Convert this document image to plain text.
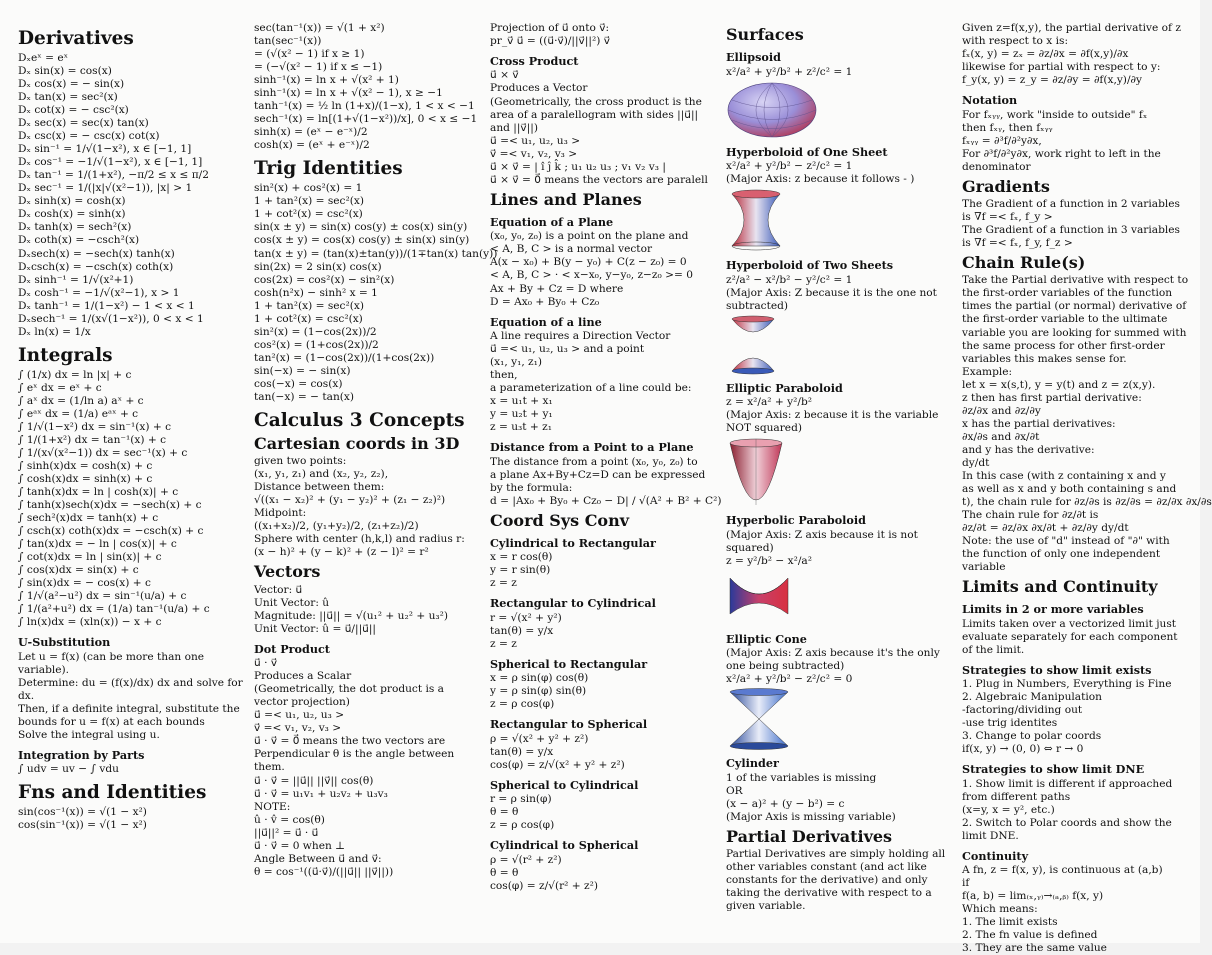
Derivatives
Dₓeˣ = eˣ
Dₓ sin(x) = cos(x)
Dₓ cos(x) = − sin(x)
Dₓ tan(x) = sec²(x)
Dₓ cot(x) = − csc²(x)
Dₓ sec(x) = sec(x) tan(x)
Dₓ csc(x) = − csc(x) cot(x)
Dₓ sin⁻¹ = 1/√(1−x²), x ∈ [−1, 1]
Dₓ cos⁻¹ = −1/√(1−x²), x ∈ [−1, 1]
Dₓ tan⁻¹ = 1/(1+x²), −π/2 ≤ x ≤ π/2
Dₓ sec⁻¹ = 1/(|x|√(x²−1)), |x| > 1
Dₓ sinh(x) = cosh(x)
Dₓ cosh(x) = sinh(x)
Dₓ tanh(x) = sech²(x)
Dₓ coth(x) = −csch²(x)
Dₓsech(x) = −sech(x) tanh(x)
Dₓcsch(x) = −csch(x) coth(x)
Dₓ sinh⁻¹ = 1/√(x²+1)
Dₓ cosh⁻¹ = −1/√(x²−1), x > 1
Dₓ tanh⁻¹ = 1/(1−x²) − 1 < x < 1
Dₓsech⁻¹ = 1/(x√(1−x²)), 0 < x < 1
Dₓ ln(x) = 1/x
Integrals
∫ (1/x) dx = ln |x| + c
∫ eˣ dx = eˣ + c
∫ aˣ dx = (1/ln a) aˣ + c
∫ eᵃˣ dx = (1/a) eᵃˣ + c
∫ 1/√(1−x²) dx = sin⁻¹(x) + c
∫ 1/(1+x²) dx = tan⁻¹(x) + c
∫ 1/(x√(x²−1)) dx = sec⁻¹(x) + c
∫ sinh(x)dx = cosh(x) + c
∫ cosh(x)dx = sinh(x) + c
∫ tanh(x)dx = ln | cosh(x)| + c
∫ tanh(x)sech(x)dx = −sech(x) + c
∫ sech²(x)dx = tanh(x) + c
∫ csch(x) coth(x)dx = −csch(x) + c
∫ tan(x)dx = − ln | cos(x)| + c
∫ cot(x)dx = ln | sin(x)| + c
∫ cos(x)dx = sin(x) + c
∫ sin(x)dx = − cos(x) + c
∫ 1/√(a²−u²) dx = sin⁻¹(u/a) + c
∫ 1/(a²+u²) dx = (1/a) tan⁻¹(u/a) + c
∫ ln(x)dx = (xln(x)) − x + c
U-Substitution
Let u = f(x) (can be more than one variable).
Determine: du = (f(x)/dx) dx and solve for dx.
Then, if a definite integral, substitute the bounds for u = f(x) at each bounds
Solve the integral using u.
Integration by Parts
∫ udv = uv − ∫ vdu
Fns and Identities
sin(cos⁻¹(x)) = √(1 − x²)
cos(sin⁻¹(x)) = √(1 − x²)
sec(tan⁻¹(x)) = √(1 + x²)
tan(sec⁻¹(x))
= (√(x² − 1) if x ≥ 1)
= (−√(x² − 1) if x ≤ −1)
sinh⁻¹(x) = ln x + √(x² + 1)
sinh⁻¹(x) = ln x + √(x² − 1), x ≥ −1
tanh⁻¹(x) = ½ ln (1+x)/(1−x), 1 < x < −1
sech⁻¹(x) = ln[(1+√(1−x²))/x], 0 < x ≤ −1
sinh(x) = (eˣ − e⁻ˣ)/2
cosh(x) = (eˣ + e⁻ˣ)/2
Trig Identities
sin²(x) + cos²(x) = 1
1 + tan²(x) = sec²(x)
1 + cot²(x) = csc²(x)
sin(x ± y) = sin(x) cos(y) ± cos(x) sin(y)
cos(x ± y) = cos(x) cos(y) ± sin(x) sin(y)
tan(x ± y) = (tan(x)±tan(y))/(1∓tan(x) tan(y))
sin(2x) = 2 sin(x) cos(x)
cos(2x) = cos²(x) − sin²(x)
cosh(n²x) − sinh² x = 1
1 + tan²(x) = sec²(x)
1 + cot²(x) = csc²(x)
sin²(x) = (1−cos(2x))/2
cos²(x) = (1+cos(2x))/2
tan²(x) = (1−cos(2x))/(1+cos(2x))
sin(−x) = − sin(x)
cos(−x) = cos(x)
tan(−x) = − tan(x)
Calculus 3 Concepts
Cartesian coords in 3D
given two points:
(x₁, y₁, z₁) and (x₂, y₂, z₂),
Distance between them:
√((x₁ − x₂)² + (y₁ − y₂)² + (z₁ − z₂)²)
Midpoint:
((x₁+x₂)/2, (y₁+y₂)/2, (z₁+z₂)/2)
Sphere with center (h,k,l) and radius r:
(x − h)² + (y − k)² + (z − l)² = r²
Vectors
Vector: u⃗
Unit Vector: û
Magnitude: ||u⃗|| = √(u₁² + u₂² + u₃²)
Unit Vector: û = u⃗/||u⃗||
Dot Product
u⃗ · v⃗
Produces a Scalar
(Geometrically, the dot product is a
vector projection)
u⃗ =< u₁, u₂, u₃ >
v⃗ =< v₁, v₂, v₃ >
u⃗ · v⃗ = 0⃗ means the two vectors are
Perpendicular θ is the angle between
them.
u⃗ · v⃗ = ||u⃗|| ||v⃗|| cos(θ)
u⃗ · v⃗ = u₁v₁ + u₂v₂ + u₃v₃
NOTE:
û · v̂ = cos(θ)
||u⃗||² = u⃗ · u⃗
u⃗ · v⃗ = 0 when ⊥
Angle Between u⃗ and v⃗:
θ = cos⁻¹((u⃗·v⃗)/(||u⃗|| ||v⃗||))
Projection of u⃗ onto v⃗:
pr_v⃗ u⃗ = ((u⃗·v⃗)/||v⃗||²) v⃗
Cross Product
u⃗ × v⃗
Produces a Vector
(Geometrically, the cross product is the
area of a paralellogram with sides ||u⃗||
and ||v⃗||)
u⃗ =< u₁, u₂, u₃ >
v⃗ =< v₁, v₂, v₃ >
u⃗ × v⃗ = | î ĵ k̂ ; u₁ u₂ u₃ ; v₁ v₂ v₃ |
u⃗ × v⃗ = 0⃗ means the vectors are paralell
Lines and Planes
Equation of a Plane
(x₀, y₀, z₀) is a point on the plane and
< A, B, C > is a normal vector
A(x − x₀) + B(y − y₀) + C(z − z₀) = 0
< A, B, C > · < x−x₀, y−y₀, z−z₀ >= 0
Ax + By + Cz = D where
D = Ax₀ + By₀ + Cz₀
Equation of a line
A line requires a Direction Vector
u⃗ =< u₁, u₂, u₃ > and a point
(x₁, y₁, z₁)
then,
a parameterization of a line could be:
x = u₁t + x₁
y = u₂t + y₁
z = u₃t + z₁
Distance from a Point to a Plane
The distance from a point (x₀, y₀, z₀) to
a plane Ax+By+Cz=D can be expressed
by the formula:
d = |Ax₀ + By₀ + Cz₀ − D| / √(A² + B² + C²)
Coord Sys Conv
Cylindrical to Rectangular
x = r cos(θ)
y = r sin(θ)
z = z
Rectangular to Cylindrical
r = √(x² + y²)
tan(θ) = y/x
z = z
Spherical to Rectangular
x = ρ sin(φ) cos(θ)
y = ρ sin(φ) sin(θ)
z = ρ cos(φ)
Rectangular to Spherical
ρ = √(x² + y² + z²)
tan(θ) = y/x
cos(φ) = z/√(x² + y² + z²)
Spherical to Cylindrical
r = ρ sin(φ)
θ = θ
z = ρ cos(φ)
Cylindrical to Spherical
ρ = √(r² + z²)
θ = θ
cos(φ) = z/√(r² + z²)
Surfaces
Ellipsoid
x²/a² + y²/b² + z²/c² = 1
Hyperboloid of One Sheet
x²/a² + y²/b² − z²/c² = 1
(Major Axis: z because it follows - )
Hyperboloid of Two Sheets
z²/a² − x²/b² − y²/c² = 1
(Major Axis: Z because it is the one not
subtracted)
Elliptic Paraboloid
z = x²/a² + y²/b²
(Major Axis: z because it is the variable
NOT squared)
Hyperbolic Paraboloid
(Major Axis: Z axis because it is not
squared)
z = y²/b² − x²/a²
Elliptic Cone
(Major Axis: Z axis because it's the only
one being subtracted)
x²/a² + y²/b² − z²/c² = 0
Cylinder
1 of the variables is missing
OR
(x − a)² + (y − b²) = c
(Major Axis is missing variable)
Partial Derivatives
Partial Derivatives are simply holding all other variables constant (and act like constants for the derivative) and only taking the derivative with respect to a given variable.
Given z=f(x,y), the partial derivative of z with respect to x is:
fₓ(x, y) = zₓ = ∂z/∂x = ∂f(x,y)/∂x
likewise for partial with respect to y:
f_y(x, y) = z_y = ∂z/∂y = ∂f(x,y)/∂y
Notation
For fₓᵧᵧ, work "inside to outside" fₓ
then fₓᵧ, then fₓᵧᵧ
fₓᵧᵧ = ∂³f/∂²y∂x,
For ∂³f/∂²y∂x, work right to left in the
denominator
Gradients
The Gradient of a function in 2 variables
is ∇f =< fₓ, f_y >
The Gradient of a function in 3 variables
is ∇f =< fₓ, f_y, f_z >
Chain Rule(s)
Take the Partial derivative with respect to the first-order variables of the function times the partial (or normal) derivative of the first-order variable to the ultimate variable you are looking for summed with the same process for other first-order variables this makes sense for.
Example:
let x = x(s,t), y = y(t) and z = z(x,y).
z then has first partial derivative:
∂z/∂x and ∂z/∂y
x has the partial derivatives:
∂x/∂s and ∂x/∂t
and y has the derivative:
dy/dt
In this case (with z containing x and y
as well as x and y both containing s and
t), the chain rule for ∂z/∂s is ∂z/∂s = ∂z/∂x ∂x/∂s
The chain rule for ∂z/∂t is
∂z/∂t = ∂z/∂x ∂x/∂t + ∂z/∂y dy/dt
Note: the use of "d" instead of "∂" with
the function of only one independent
variable
Limits and Continuity
Limits in 2 or more variables
Limits taken over a vectorized limit just
evaluate separately for each component
of the limit.
Strategies to show limit exists
1. Plug in Numbers, Everything is Fine
2. Algebraic Manipulation
-factoring/dividing out
-use trig identites
3. Change to polar coords
if(x, y) → (0, 0) ⇔ r → 0
Strategies to show limit DNE
1. Show limit is different if approached
from different paths
(x=y, x = y², etc.)
2. Switch to Polar coords and show the
limit DNE.
Continuity
A fn, z = f(x, y), is continuous at (a,b)
if
f(a, b) = lim₍ₓ,ᵧ₎→₍ₐ,ᵦ₎ f(x, y)
Which means:
1. The limit exists
2. The fn value is defined
3. They are the same value
